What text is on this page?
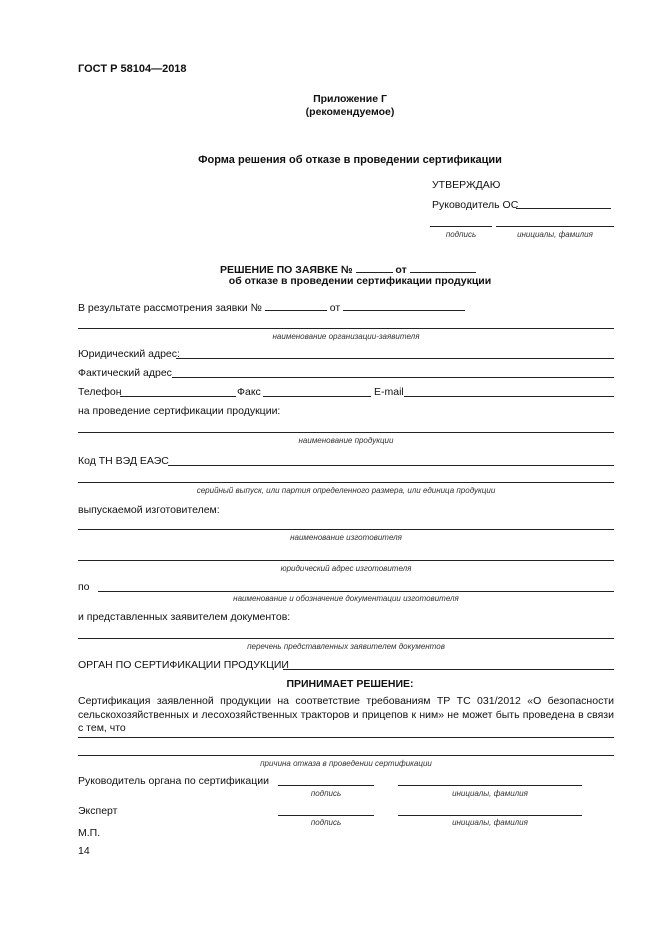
ГОСТ Р 58104—2018
Приложение Г
(рекомендуемое)
Форма решения об отказе в проведении сертификации
УТВЕРЖДАЮ
Руководитель ОС
подпись	инициалы, фамилия
РЕШЕНИЕ ПО ЗАЯВКЕ №	от
об отказе в проведении сертификации продукции
В результате рассмотрения заявки №	от
наименование организации-заявителя
Юридический адрес:
Фактический адрес
Телефон	Факс	E-mail
на проведение сертификации продукции:
наименование продукции
Код ТН ВЭД ЕАЭС
серийный выпуск, или партия определенного размера, или единица продукции
выпускаемой изготовителем:
наименование изготовителя
юридический адрес изготовителя
по
наименование и обозначение документации изготовителя
и представленных заявителем документов:
перечень представленных заявителем документов
ОРГАН ПО СЕРТИФИКАЦИИ ПРОДУКЦИИ
ПРИНИМАЕТ РЕШЕНИЕ:
Сертификация заявленной продукции на соответствие требованиям ТР ТС 031/2012 «О безопасности сельскохозяйственных и лесохозяйственных тракторов и прицепов к ним» не может быть проведена в связи с тем, что
причина отказа в проведении сертификации
Руководитель органа по сертификации
подпись	инициалы, фамилия
Эксперт
подпись	инициалы, фамилия
М.П.
14
